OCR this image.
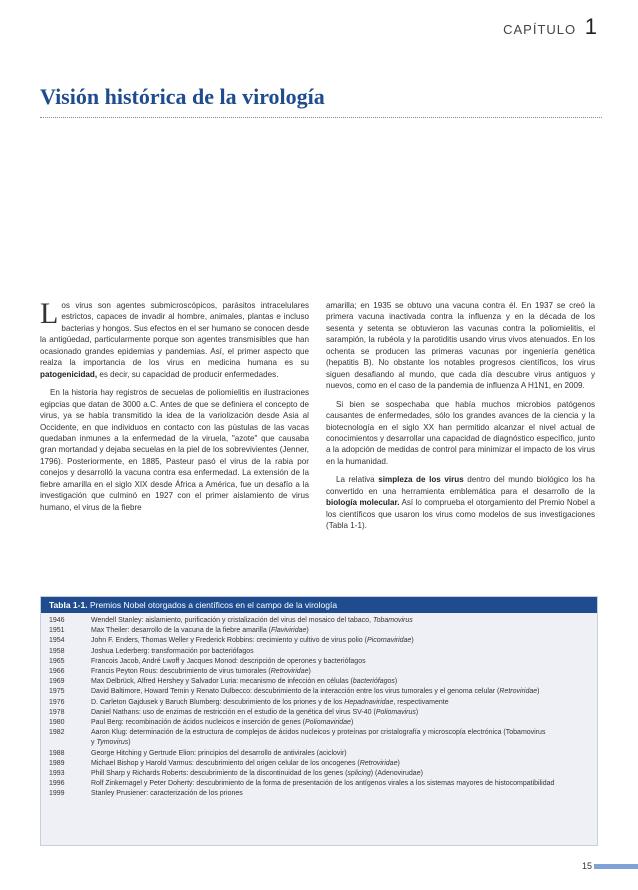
CAPÍTULO 1
Visión histórica de la virología

Los virus son agentes submicroscópicos, parásitos intracelulares estrictos, capaces de invadir al hombre, animales, plantas e incluso bacterias y hongos. Sus efectos en el ser humano se conocen desde la antigüedad, particularmente porque son agentes transmisibles que han ocasionado grandes epidemias y pandemias. Así, el primer aspecto que realza la importancia de los virus en medicina humana es su patogenicidad, es decir, su capacidad de producir enfermedades.

En la historia hay registros de secuelas de poliomielitis en ilustraciones egipcias que datan de 3000 a.C. Antes de que se definiera el concepto de virus, ya se había transmitido la idea de la variolización desde Asia al Occidente, en que individuos en contacto con las pústulas de las vacas quedaban inmunes a la enfermedad de la viruela, "azote" que causaba gran mortandad y dejaba secuelas en la piel de los sobrevivientes (Jenner, 1796). Posteriormente, en 1885, Pasteur pasó el virus de la rabia por conejos y desarrolló la vacuna contra esa enfermedad. La extensión de la fiebre amarilla en el siglo XIX desde África a América, fue un desafío a la investigación que culminó en 1927 con el primer aislamiento de virus humano, el virus de la fiebre

amarilla; en 1935 se obtuvo una vacuna contra él. En 1937 se creó la primera vacuna inactivada contra la influenza y en la década de los sesenta y setenta se obtuvieron las vacunas contra la poliomielitis, el sarampión, la rubéola y la parotiditis usando virus vivos atenuados. En los ochenta se producen las primeras vacunas por ingeniería genética (hepatitis B). No obstante los notables progresos científicos, los virus siguen desafiando al mundo, que cada día descubre virus antiguos y nuevos, como en el caso de la pandemia de influenza A H1N1, en 2009.

Si bien se sospechaba que había muchos microbios patógenos causantes de enfermedades, sólo los grandes avances de la ciencia y la biotecnología en el siglo XX han permitido alcanzar el nivel actual de conocimientos y desarrollar una capacidad de diagnóstico específico, junto a la adopción de medidas de control para minimizar el impacto de los virus en la humanidad.

La relativa simpleza de los virus dentro del mundo biológico los ha convertido en una herramienta emblemática para el desarrollo de la biología molecular. Así lo comprueba el otorgamiento del Premio Nobel a los científicos que usaron los virus como modelos de sus investigaciones (Tabla 1-1).

Tabla 1-1. Premios Nobel otorgados a científicos en el campo de la virología
1946	Wendell Stanley: aislamiento, purificación y cristalización del virus del mosaico del tabaco, Tobamovirus
1951	Max Theiler: desarrollo de la vacuna de la fiebre amarilla (Flaviviridae)
1954	John F. Enders, Thomas Weller y Frederick Robbins: crecimiento y cultivo de virus polio (Picornaviridae)
1958	Joshua Lederberg: transformación por bacteriófagos
1965	Francois Jacob, André Lwoff y Jacques Monod: descripción de operones y bacteriófagos
1966	Francis Peyton Rous: descubrimiento de virus tumorales (Retroviridae)
1969	Max Delbrück, Alfred Hershey y Salvador Luria: mecanismo de infección en células (bacteriófagos)
1975	David Baltimore, Howard Temin y Renato Dulbecco: descubrimiento de la interacción entre los virus tumorales y el genoma celular (Retroviridae)
1976	D. Carleton Gajdusek y Baruch Blumberg: descubrimiento de los priones y de los Hepadnaviridae, respectivamente
1978	Daniel Nathans: uso de enzimas de restricción en el estudio de la genética del virus SV-40 (Poliomavirus)
1980	Paul Berg: recombinación de ácidos nucleicos e inserción de genes (Poliomaviridae)
1982	Aaron Klug: determinación de la estructura de complejos de ácidos nucleicos y proteínas por cristalografía y microscopía electrónica (Tobamovirus
y Tymovirus)
1988	George Hitching y Gertrude Elion: principios del desarrollo de antivirales (aciclovir)
1989	Michael Bishop y Harold Varmus: descubrimiento del origen celular de los oncogenes (Retroviridae)
1993	Phill Sharp y Richards Roberts: descubrimiento de la discontinuidad de los genes (splicing) (Adenovirudae)
1996	Rolf Zinkernagel y Peter Doherty: descubrimiento de la forma de presentación de los antígenos virales a los sistemas mayores de histocompatibilidad
1999	Stanley Prusiener: caracterización de los priones
15
